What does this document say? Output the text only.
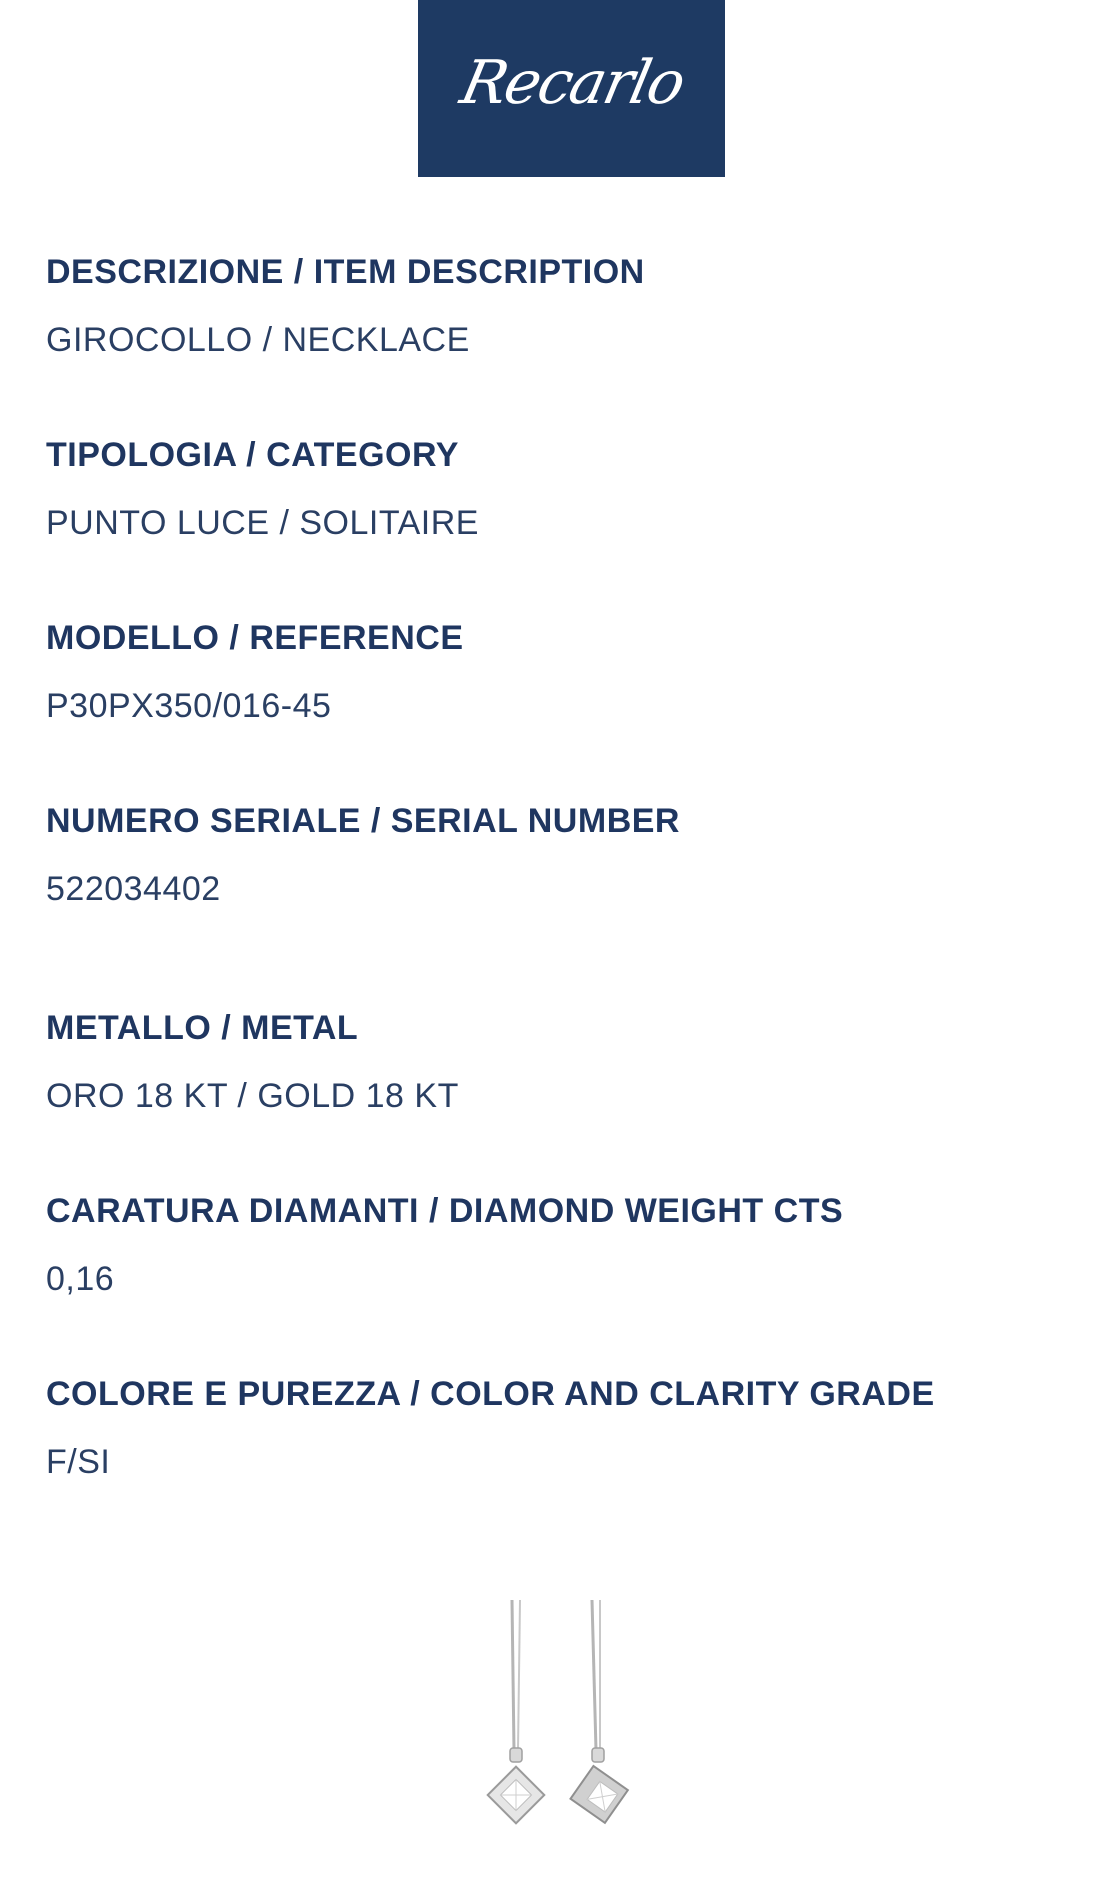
Recarlo
DESCRIZIONE / ITEM DESCRIPTION
GIROCOLLO / NECKLACE
TIPOLOGIA / CATEGORY
PUNTO LUCE / SOLITAIRE
MODELLO / REFERENCE
P30PX350/016-45
NUMERO SERIALE / SERIAL NUMBER
522034402
METALLO / METAL
ORO 18 KT / GOLD 18 KT
CARATURA DIAMANTI / DIAMOND WEIGHT CTS
0,16
COLORE E PUREZZA / COLOR AND CLARITY GRADE
F/SI
